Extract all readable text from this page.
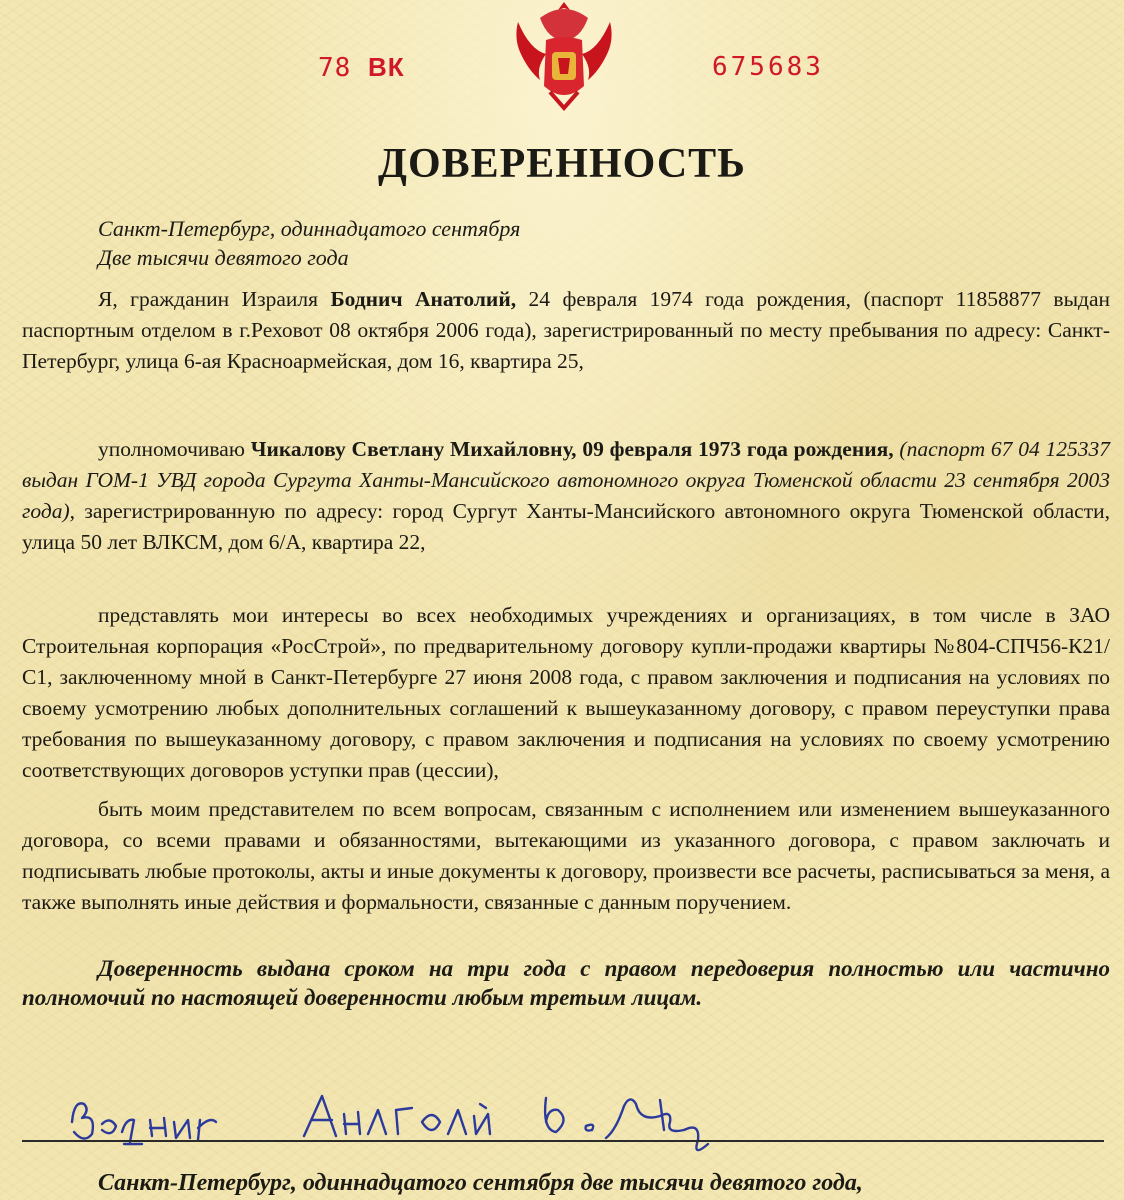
78 ВК	675683
ДОВЕРЕННОСТЬ
Санкт-Петербург, одиннадцатого сентября
Две тысячи девятого года
Я, гражданин Израиля Боднич Анатолий, 24 февраля 1974 года рождения, (паспорт 11858877 выдан паспортным отделом в г.Реховот 08 октября 2006 года), зарегистрированный по месту пребывания по адресу: Санкт-Петербург, улица 6-ая Красноармейская, дом 16, квартира 25,
уполномочиваю Чикалову Светлану Михайловну, 09 февраля 1973 года рождения, (паспорт 67 04 125337 выдан ГОМ-1 УВД города Сургута Ханты-Мансийского автономного округа Тюменской области 23 сентября 2003 года), зарегистрированную по адресу: город Сургут Ханты-Мансийского автономного округа Тюменской области, улица 50 лет ВЛКСМ, дом 6/А, квартира 22,
представлять мои интересы во всех необходимых учреждениях и организациях, в том числе в ЗАО Строительная корпорация «РосСтрой», по предварительному договору купли-продажи квартиры №804-СПЧ56-К21/С1, заключенному мной в Санкт-Петербурге 27 июня 2008 года, с правом заключения и подписания на условиях по своему усмотрению любых дополнительных соглашений к вышеуказанному договору, с правом переуступки права требования по вышеуказанному договору, с правом заключения и подписания на условиях по своему усмотрению соответствующих договоров уступки прав (цессии),
быть моим представителем по всем вопросам, связанным с исполнением или изменением вышеуказанного договора, со всеми правами и обязанностями, вытекающими из указанного договора, с правом заключать и подписывать любые протоколы, акты и иные документы к договору, произвести все расчеты, расписываться за меня, а также выполнять иные действия и формальности, связанные с данным поручением.
Доверенность выдана сроком на три года с правом передоверия полностью или частично полномочий по настоящей доверенности любым третьим лицам.
Санкт-Петербург, одиннадцатого сентября две тысячи девятого года,
